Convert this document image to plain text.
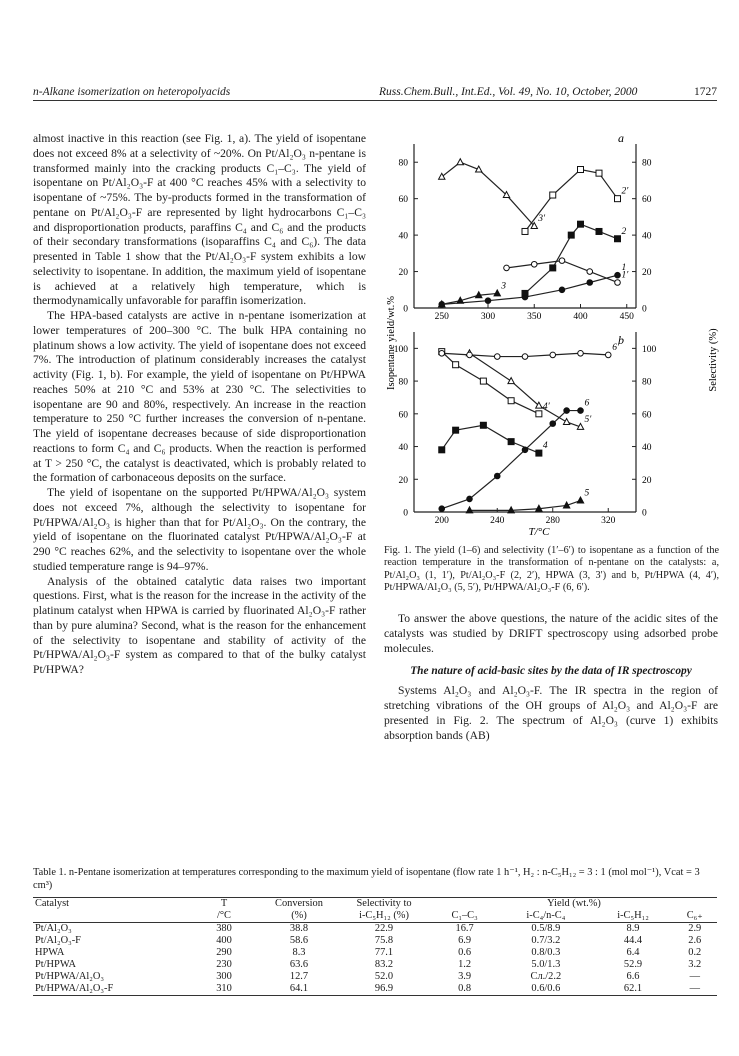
n-Alkane isomerization on heteropolyacids	Russ.Chem.Bull., Int.Ed., Vol. 49, No. 10, October, 2000	1727

almost inactive in this reaction (see Fig. 1, a). The yield of isopentane does not exceed 8% at a selectivity of ~20%. On Pt/Al₂O₃ n-pentane is transformed mainly into the cracking products C₁–C₃. The yield of isopentane on Pt/Al₂O₃-F at 400 °C reaches 45% with a selectivity to isopentane of ~75%. The by-products formed in the transformation of pentane on Pt/Al₂O₃-F are represented by light hydrocarbons C₁–C₃ and disproportionation products, paraffins C₄ and C₆ and the products of their secondary transformations (isoparaffins C₄ and C₆). The data presented in Table 1 show that the Pt/Al₂O₃-F system exhibits a low selectivity to isopentane. In addition, the maximum yield of isopentane is achieved at a relatively high temperature, which is thermodynamically unfavorable for paraffin isomerization.

The HPA-based catalysts are active in n-pentane isomerization at lower temperatures of 200–300 °C. The bulk HPA containing no platinum shows a low activity. The yield of isopentane does not exceed 7%. The introduction of platinum considerably increases the catalyst activity (Fig. 1, b). For example, the yield of isopentane on Pt/HPWA reaches 50% at 210 °C and 53% at 230 °C. The selectivities to isopentane are 90 and 80%, respectively. An increase in the reaction temperature to 250 °C further increases the conversion of n-pentane. The yield of isopentane decreases because of side disproportionation reactions to form C₄ and C₆ products. When the reaction is performed at T > 250 °C, the catalyst is deactivated, which is probably related to the formation of carbonaceous deposits on the surface.

The yield of isopentane on the supported Pt/HPWA/Al₂O₃ system does not exceed 7%, although the selectivity to isopentane for Pt/HPWA/Al₂O₃ is higher than that for Pt/Al₂O₃. On the contrary, the yield of isopentane on the fluorinated catalyst Pt/HPWA/Al₂O₃-F at 290 °C reaches 62%, and the selectivity to isopentane over the whole studied temperature range is 94–97%.

Analysis of the obtained catalytic data raises two important questions. First, what is the reason for the increase in the activity of the platinum catalyst when HPWA is carried by fluorinated Al₂O₃-F rather than by pure alumina? Second, what is the reason for the enhancement of the selectivity to isopentane and stability of activity of the Pt/HPWA/Al₂O₃-F system as compared to that of the bulky catalyst Pt/HPWA?

Isopentane yield/wt.%	Selectivity (%)
T/°C
a
250	300	350	400	450
0
20
40
60
80
0
20
40
60
80
1
1′
2
2′
3
3′
b
200	240	280	320
0
20
40
60
80
100
0
20
40
60
80
100
4
4′
5
5′
6
6′
Fig. 1. The yield (1–6) and selectivity (1′–6′) to isopentane as a function of the reaction temperature in the transformation of n-pentane on the catalysts: a, Pt/Al₂O₃ (1, 1′), Pt/Al₂O₃-F (2, 2′), HPWA (3, 3′) and b, Pt/HPWA (4, 4′), Pt/HPWA/Al₂O₃ (5, 5′), Pt/HPWA/Al₂O₃-F (6, 6′).

To answer the above questions, the nature of the acidic sites of the catalysts was studied by DRIFT spectroscopy using adsorbed probe molecules.

The nature of acid-basic sites by the data of IR spectroscopy

Systems Al₂O₃ and Al₂O₃-F. The IR spectra in the region of stretching vibrations of the OH groups of Al₂O₃ and Al₂O₃-F are presented in Fig. 2. The spectrum of Al₂O₃ (curve 1) exhibits absorption bands (AB)

Table 1. n-Pentane isomerization at temperatures corresponding to the maximum yield of isopentane (flow rate 1 h⁻¹, H₂ : n-C₅H₁₂ = 3 : 1 (mol mol⁻¹), Vcat = 3 cm³)
Catalyst	T	Conversion	Selectivity to	Yield (wt.%)			
	/°C	(%)	i-C₅H₁₂ (%)	C₁–C₃	i-C₄/n-C₄	i-C₅H₁₂	C₆₊
Pt/Al₂O₃	380	38.8	22.9	16.7	0.5/8.9	8.9	2.9
Pt/Al₂O₃-F	400	58.6	75.8	6.9	0.7/3.2	44.4	2.6
HPWA	290	8.3	77.1	0.6	0.8/0.3	6.4	0.2
Pt/HPWA	230	63.6	83.2	1.2	5.0/1.3	52.9	3.2
Pt/HPWA/Al₂O₃	300	12.7	52.0	3.9	Сл./2.2	6.6	—
Pt/HPWA/Al₂O₃-F	310	64.1	96.9	0.8	0.6/0.6	62.1	—
